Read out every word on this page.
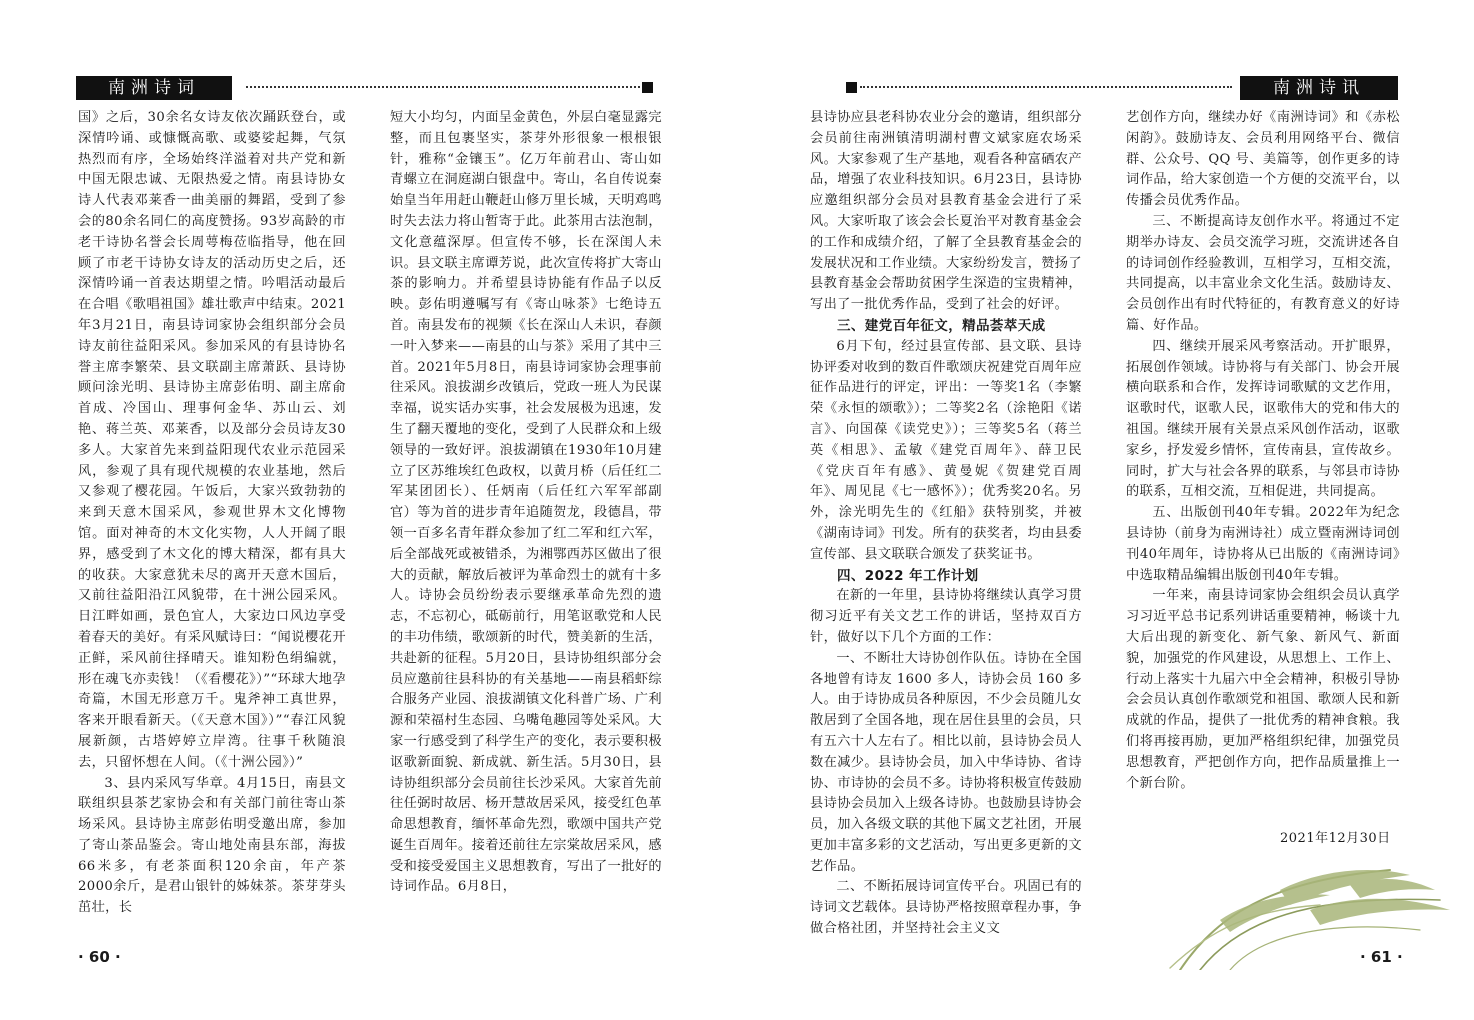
南洲诗词	南洲诗讯

国》之后，30余名女诗友依次踊跃登台，或深情吟诵、或慷慨高歌、或婆娑起舞，气氛热烈而有序，全场始终洋溢着对共产党和新中国无限忠诚、无限热爱之情。南县诗协女诗人代表邓莱香一曲美丽的舞蹈，受到了参会的80余名同仁的高度赞扬。93岁高龄的市老干诗协名誉会长周萼梅莅临指导，他在回顾了市老干诗协女诗友的活动历史之后，还深情吟诵一首表达期望之情。吟唱活动最后在合唱《歌唱祖国》雄壮歌声中结束。2021年3月21日，南县诗词家协会组织部分会员诗友前往益阳采风。参加采风的有县诗协名誉主席李繁荣、县文联副主席萧跃、县诗协顾问涂光明、县诗协主席彭佑明、副主席俞首成、冷国山、理事何金华、苏山云、刘艳、蒋兰英、邓莱香，以及部分会员诗友30多人。大家首先来到益阳现代农业示范园采风，参观了具有现代规模的农业基地，然后又参观了樱花园。午饭后，大家兴致勃勃的来到天意木国采风，参观世界木文化博物馆。面对神奇的木文化实物，人人开阔了眼界，感受到了木文化的博大精深，都有具大的收获。大家意犹未尽的离开天意木国后，又前往益阳沿江风貌带，在十洲公园采风。日江畔如画，景色宜人，大家边口风边享受着春天的美好。有采风赋诗曰：“闻说樱花开正鲜，采风前往择晴天。谁知粉色绢编就，形在魂飞亦卖钱！（《看樱花》）”“环球大地孕奇篇，木国无形意万千。鬼斧神工真世界，客来开眼看新天。（《天意木国》）”“春江风貌展新颜，古塔婷婷立岸湾。往事千秋随浪去，只留怀想在人间。（《十洲公园》）”

3、县内采风写华章。4月15日，南县文联组织县茶艺家协会和有关部门前往寄山茶场采风。县诗协主席彭佑明受邀出席，参加了寄山茶品鉴会。寄山地处南县东部，海拔66米多，有老茶面积120余亩，年产茶2000余斤，是君山银针的姊妹茶。茶芽芽头茁壮，长

短大小均匀，内面呈金黄色，外层白毫显露完整，而且包裹坚实，茶芽外形很象一根根银针，雅称“金镶玉”。亿万年前君山、寄山如青螺立在洞庭湖白银盘中。寄山，名自传说秦始皇当年用赶山鞭赶山修万里长城，天明鸡鸣时失去法力将山暂寄于此。此茶用古法泡制，文化意蕴深厚。但宣传不够，长在深闺人未识。县文联主席谭芳说，此次宣传将扩大寄山茶的影响力。并希望县诗协能有作品子以反映。彭佑明遵嘱写有《寄山咏茶》七绝诗五首。南县发布的视频《长在深山人未识，春颜一叶入梦来——南县的山与茶》采用了其中三首。2021年5月8日，南县诗词家协会理事前往采风。浪拔湖乡改镇后，党政一班人为民谋幸福，说实话办实事，社会发展极为迅速，发生了翻天覆地的变化，受到了人民群众和上级领导的一致好评。浪拔湖镇在1930年10月建立了区苏维埃红色政权，以黄月桥（后任红二军某团团长）、任炳南（后任红六军军部副官）等为首的进步青年追随贺龙，段德昌，带领一百多名青年群众参加了红二军和红六军，后全部战死或被错杀，为湘鄂西苏区做出了很大的贡献，解放后被评为革命烈士的就有十多人。诗协会员纷纷表示要继承革命先烈的遗志，不忘初心，砥砺前行，用笔讴歌党和人民的丰功伟绩，歌颂新的时代，赞美新的生活，共赴新的征程。5月20日，县诗协组织部分会员应邀前往县科协的有关基地——南县稻虾综合服务产业园、浪拔湖镇文化科普广场、广利源和荣福村生态园、乌嘴龟趣园等处采风。大家一行感受到了科学生产的变化，表示要积极讴歌新面貌、新成就、新生活。5月30日，县诗协组织部分会员前往长沙采风。大家首先前往任弼时故居、杨开慧故居采风，接受红色革命思想教育，缅怀革命先烈，歌颂中国共产党诞生百周年。接着还前往左宗棠故居采风，感受和接受爱国主义思想教育，写出了一批好的诗词作品。6月8日，

县诗协应县老科协农业分会的邀请，组织部分会员前往南洲镇清明湖村曹文斌家庭农场采风。大家参观了生产基地，观看各种富硒农产品，增强了农业科技知识。6月23日，县诗协应邀组织部分会员对县教育基金会进行了采风。大家听取了该会会长夏治平对教育基金会的工作和成绩介绍，了解了全县教育基金会的发展状况和工作业绩。大家纷纷发言，赞扬了县教育基金会帮助贫困学生深造的宝贵精神，写出了一批优秀作品，受到了社会的好评。

三、建党百年征文，精品荟萃天成

6月下旬，经过县宣传部、县文联、县诗协评委对收到的数百件歌颂庆祝建党百周年应征作品进行的评定，评出：一等奖1名（李繁荣《永恒的颂歌》）；二等奖2名（涂艳阳《诺言》、向国葆《读党史》）；三等奖5名（蒋兰英《相思》、孟敏《建党百周年》、薛卫民《党庆百年有感》、黄曼妮《贺建党百周年》、周见昆《七一感怀》）；优秀奖20名。另外，涂光明先生的《红船》获特别奖，并被《湖南诗词》刊发。所有的获奖者，均由县委宣传部、县文联联合颁发了获奖证书。

四、2022 年工作计划

在新的一年里，县诗协将继续认真学习贯彻习近平有关文艺工作的讲话，坚持双百方针，做好以下几个方面的工作：

一、不断壮大诗协创作队伍。诗协在全国各地曾有诗友 1600 多人，诗协会员 160 多人。由于诗协成员各种原因，不少会员随儿女散居到了全国各地，现在居住县里的会员，只有五六十人左右了。相比以前，县诗协会员人数在减少。县诗协会员，加入中华诗协、省诗协、市诗协的会员不多。诗协将积极宣传鼓励县诗协会员加入上级各诗协。也鼓励县诗协会员，加入各级文联的其他下属文艺社团，开展更加丰富多彩的文艺活动，写出更多更新的文艺作品。

二、不断拓展诗词宣传平台。巩固已有的诗词文艺载体。县诗协严格按照章程办事，争做合格社团，并坚持社会主义文

艺创作方向，继续办好《南洲诗词》和《赤松闲韵》。鼓励诗友、会员利用网络平台、微信群、公众号、QQ 号、美篇等，创作更多的诗词作品，给大家创造一个方便的交流平台，以传播会员优秀作品。

三、不断提高诗友创作水平。将通过不定期举办诗友、会员交流学习班，交流讲述各自的诗词创作经验教训，互相学习，互相交流，共同提高，以丰富业余文化生活。鼓励诗友、会员创作出有时代特征的，有教育意义的好诗篇、好作品。

四、继续开展采风考察活动。开扩眼界，拓展创作领域。诗协将与有关部门、协会开展横向联系和合作，发挥诗词歌赋的文艺作用，讴歌时代，讴歌人民，讴歌伟大的党和伟大的祖国。继续开展有关景点采风创作活动，讴歌家乡，抒发爱乡情怀，宣传南县，宣传故乡。同时，扩大与社会各界的联系，与邻县市诗协的联系，互相交流，互相促进，共同提高。

五、出版创刊40年专辑。2022年为纪念县诗协（前身为南洲诗社）成立暨南洲诗词创刊40年周年，诗协将从已出版的《南洲诗词》中选取精品编辑出版创刊40年专辑。

一年来，南县诗词家协会组织会员认真学习习近平总书记系列讲话重要精神，畅谈十九大后出现的新变化、新气象、新风气、新面貌，加强党的作风建设，从思想上、工作上、行动上落实十九届六中全会精神，积极引导协会会员认真创作歌颂党和祖国、歌颂人民和新成就的作品，提供了一批优秀的精神食粮。我们将再接再励，更加严格组织纪律，加强党员思想教育，严把创作方向，把作品质量推上一个新台阶。

2021年12月30日
· 60 ·	· 61 ·
